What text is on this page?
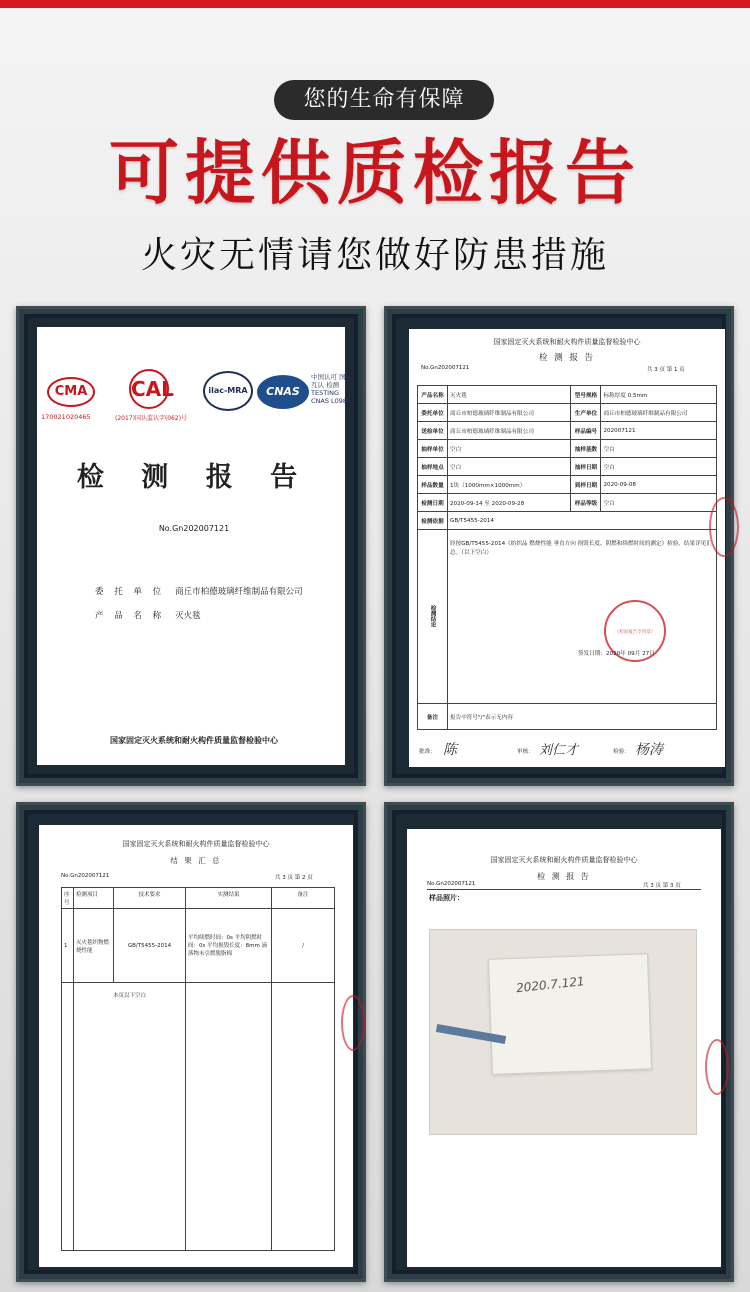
您的生命有保障
可提供质检报告
火灾无情请您做好防患措施
CMA
170021020465
CAL
(2017)国认监认字(062)号
ilac-MRA	CNAS
中国认可 国际互认 检测 TESTING CNAS L0988
检 测 报 告
No.Gn202007121
委 托 单 位 商丘市柏德玻璃纤维制品有限公司
产 品 名 称 灭火毯
国家固定灭火系统和耐火构件质量监督检验中心
国家固定灭火系统和耐火构件质量监督检验中心
检 测 报 告
No.Gn202007121	共 3 页 第 1 页
产品名称	灭火毯	型号规格	标称厚度 0.5mm
委托单位	商丘市柏德玻璃纤维制品有限公司	生产单位	商丘市柏德玻璃纤维制品有限公司
送检单位	商丘市柏德玻璃纤维制品有限公司	样品编号	202007121
抽样单位	空白	抽样基数	空白
抽样地点	空白	抽样日期	空白
样品数量	1块（1000mm×1000mm）	到样日期	2020-09-08
检测日期	2020-09-14 至 2020-09-28	样品等级	空白
检测依据	GB/T5455-2014		
检测结论	经按GB/T5455-2014《纺织品 燃烧性能 垂直方向 损毁长度、阴燃和续燃时间的测定》检验，结果详见汇总。（以下空白）
（检验报告专用章）
签发日期：2020年 09月 27日		

备注	报告中符号"/"表示无内容		
批准： 陈	审核： 刘仁才	检验： 杨涛
国家固定灭火系统和耐火构件质量监督检验中心
结 果 汇 总
No.Gn202007121	共 3 页 第 2 页
序号	检测项目	技术要求	实测结果	备注
1	灭火毯织物燃烧性能	GB/T5455-2014	平均续燃时间：0s 平均阴燃时间：0s 平均损毁长度：8mm 滴落物未引燃脱脂棉	/
	本页以下空白			
国家固定灭火系统和耐火构件质量监督检验中心
检 测 报 告
No.Gn202007121	共 3 页 第 3 页
样品照片：
2020.7.121
